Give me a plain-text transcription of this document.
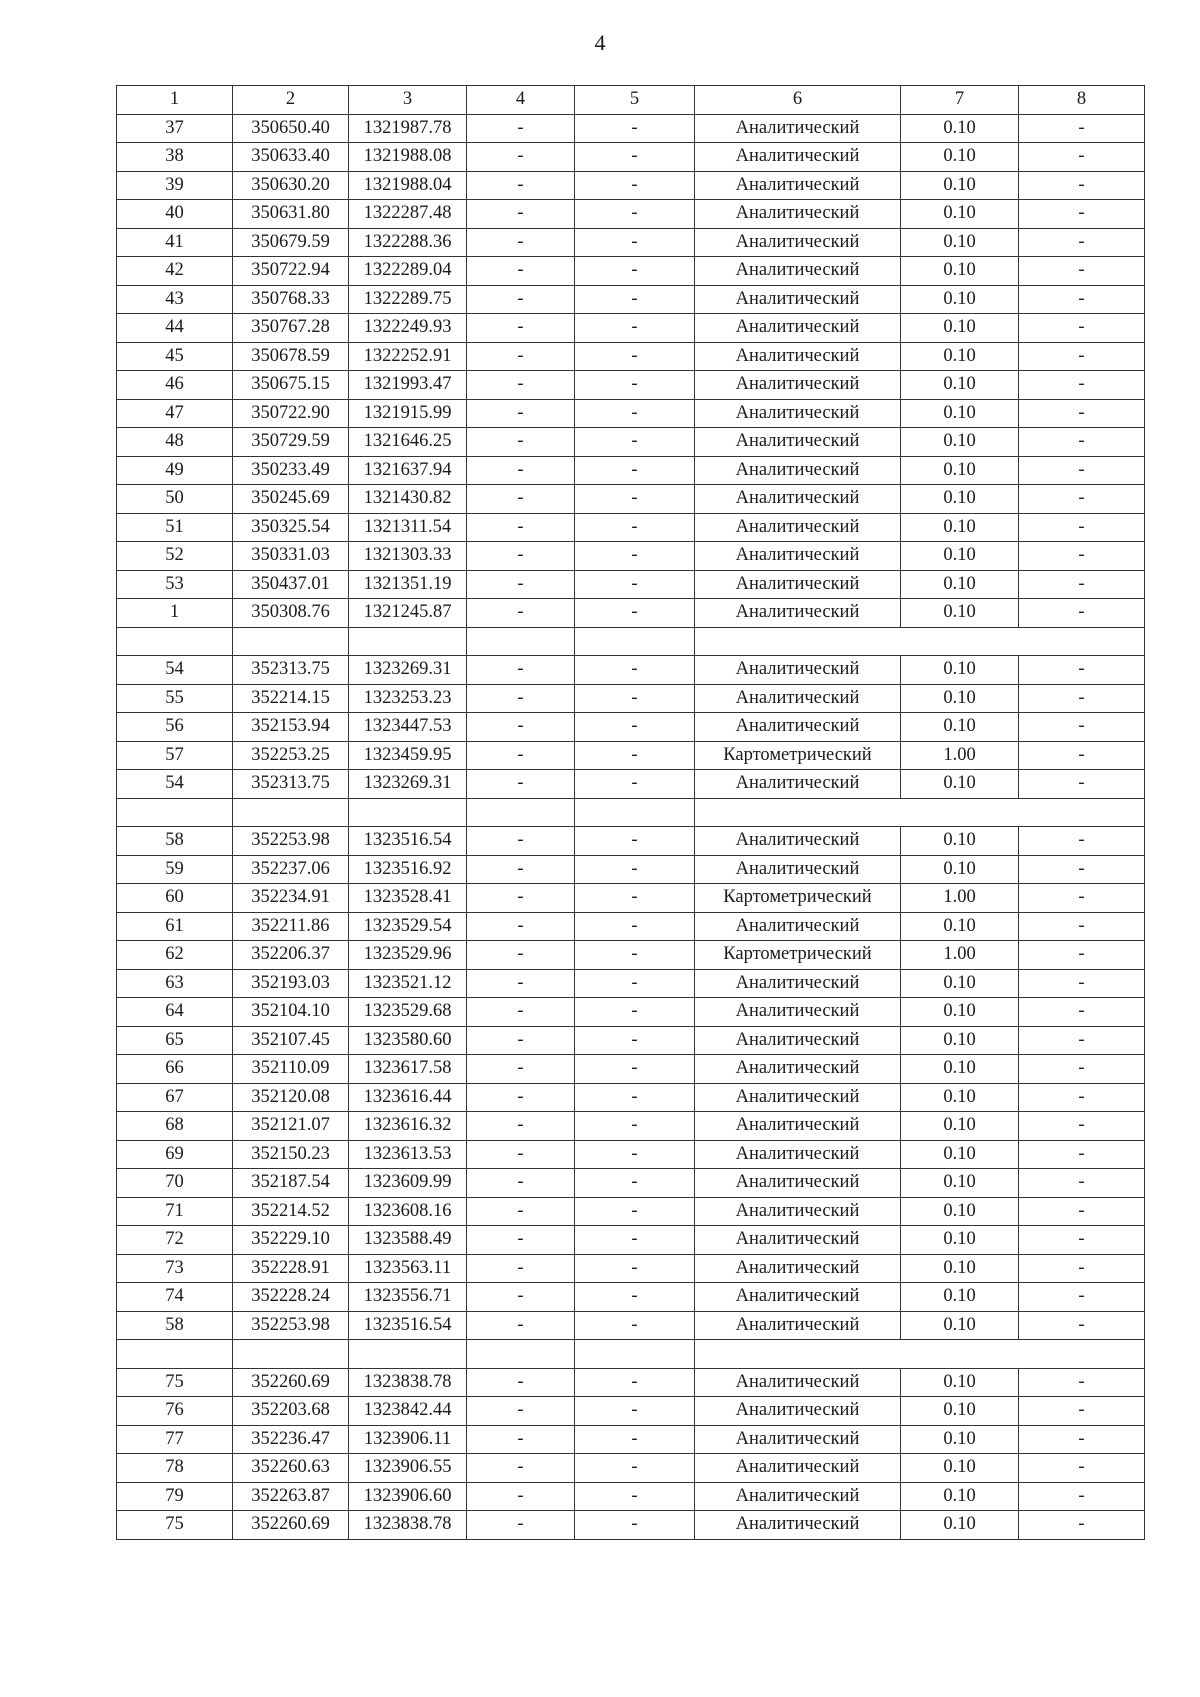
4
1	2	3	4	5	6	7	8
37	350650.40	1321987.78	-	-	Аналитический	0.10	-
38	350633.40	1321988.08	-	-	Аналитический	0.10	-
39	350630.20	1321988.04	-	-	Аналитический	0.10	-
40	350631.80	1322287.48	-	-	Аналитический	0.10	-
41	350679.59	1322288.36	-	-	Аналитический	0.10	-
42	350722.94	1322289.04	-	-	Аналитический	0.10	-
43	350768.33	1322289.75	-	-	Аналитический	0.10	-
44	350767.28	1322249.93	-	-	Аналитический	0.10	-
45	350678.59	1322252.91	-	-	Аналитический	0.10	-
46	350675.15	1321993.47	-	-	Аналитический	0.10	-
47	350722.90	1321915.99	-	-	Аналитический	0.10	-
48	350729.59	1321646.25	-	-	Аналитический	0.10	-
49	350233.49	1321637.94	-	-	Аналитический	0.10	-
50	350245.69	1321430.82	-	-	Аналитический	0.10	-
51	350325.54	1321311.54	-	-	Аналитический	0.10	-
52	350331.03	1321303.33	-	-	Аналитический	0.10	-
53	350437.01	1321351.19	-	-	Аналитический	0.10	-
1	350308.76	1321245.87	-	-	Аналитический	0.10	-

54	352313.75	1323269.31	-	-	Аналитический	0.10	-
55	352214.15	1323253.23	-	-	Аналитический	0.10	-
56	352153.94	1323447.53	-	-	Аналитический	0.10	-
57	352253.25	1323459.95	-	-	Картометрический	1.00	-
54	352313.75	1323269.31	-	-	Аналитический	0.10	-

58	352253.98	1323516.54	-	-	Аналитический	0.10	-
59	352237.06	1323516.92	-	-	Аналитический	0.10	-
60	352234.91	1323528.41	-	-	Картометрический	1.00	-
61	352211.86	1323529.54	-	-	Аналитический	0.10	-
62	352206.37	1323529.96	-	-	Картометрический	1.00	-
63	352193.03	1323521.12	-	-	Аналитический	0.10	-
64	352104.10	1323529.68	-	-	Аналитический	0.10	-
65	352107.45	1323580.60	-	-	Аналитический	0.10	-
66	352110.09	1323617.58	-	-	Аналитический	0.10	-
67	352120.08	1323616.44	-	-	Аналитический	0.10	-
68	352121.07	1323616.32	-	-	Аналитический	0.10	-
69	352150.23	1323613.53	-	-	Аналитический	0.10	-
70	352187.54	1323609.99	-	-	Аналитический	0.10	-
71	352214.52	1323608.16	-	-	Аналитический	0.10	-
72	352229.10	1323588.49	-	-	Аналитический	0.10	-
73	352228.91	1323563.11	-	-	Аналитический	0.10	-
74	352228.24	1323556.71	-	-	Аналитический	0.10	-
58	352253.98	1323516.54	-	-	Аналитический	0.10	-

75	352260.69	1323838.78	-	-	Аналитический	0.10	-
76	352203.68	1323842.44	-	-	Аналитический	0.10	-
77	352236.47	1323906.11	-	-	Аналитический	0.10	-
78	352260.63	1323906.55	-	-	Аналитический	0.10	-
79	352263.87	1323906.60	-	-	Аналитический	0.10	-
75	352260.69	1323838.78	-	-	Аналитический	0.10	-
